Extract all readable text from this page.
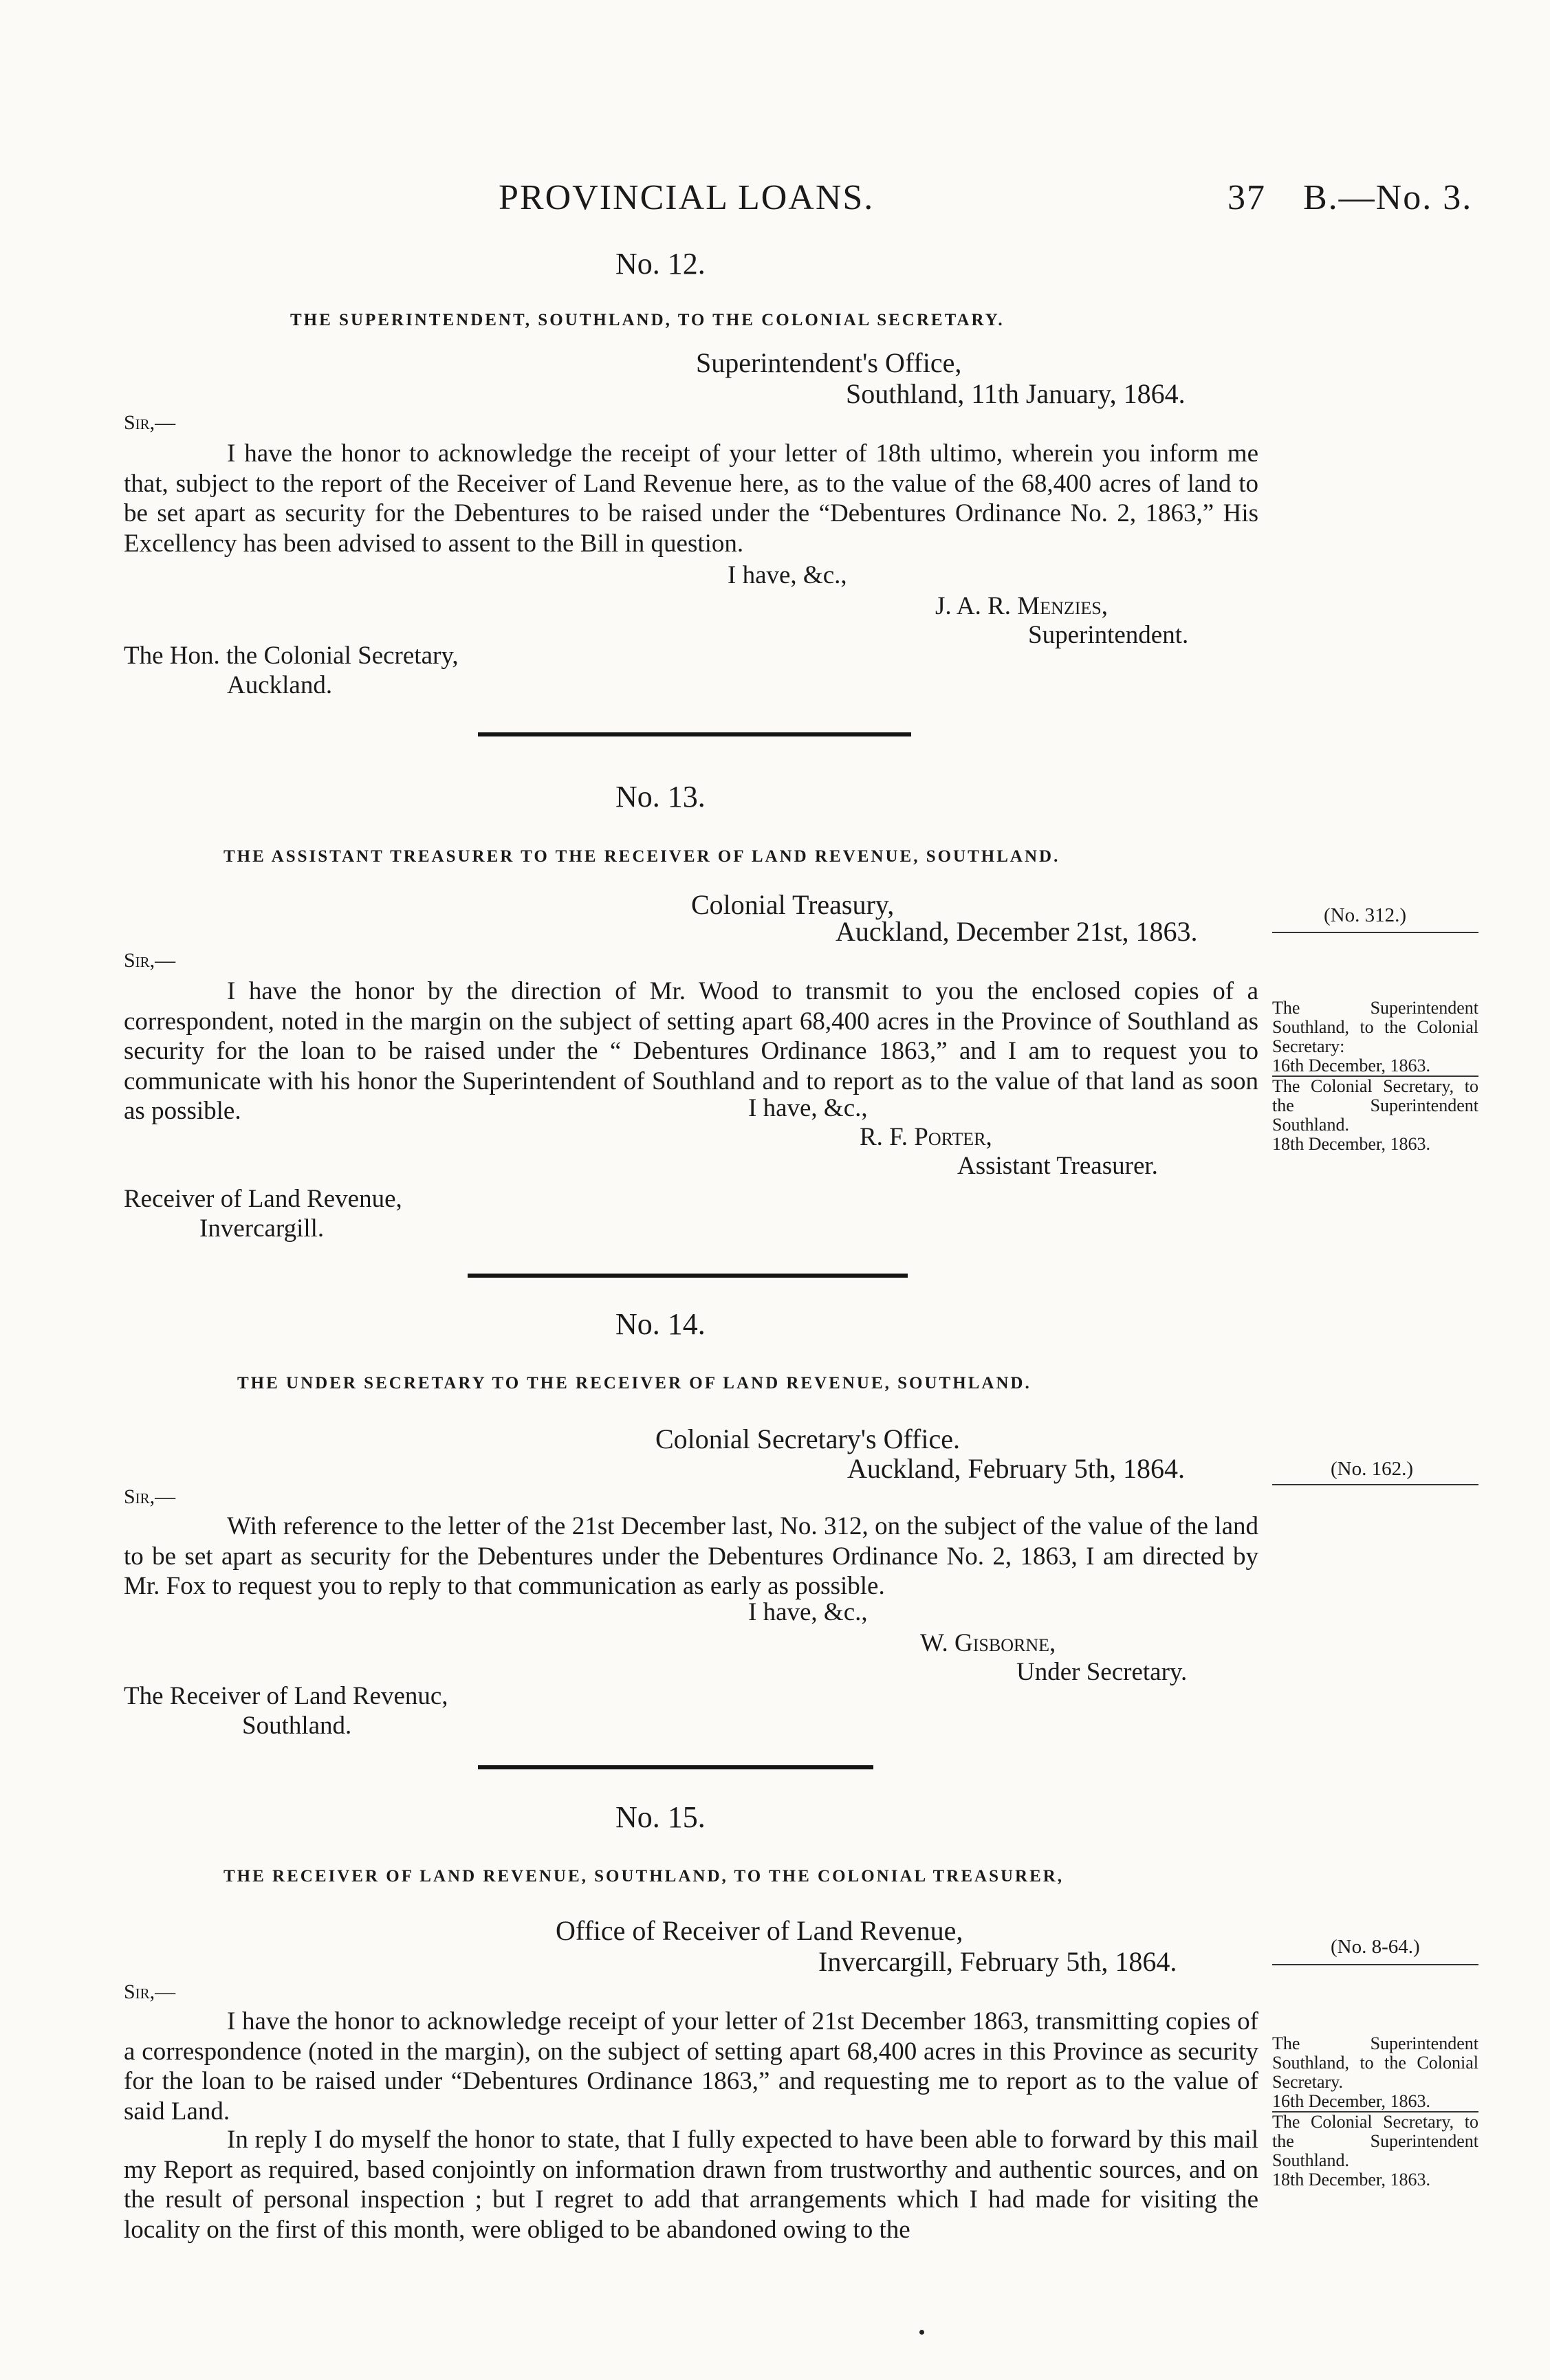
PROVINCIAL LOANS.	37 B.—No. 3.
No. 12.
THE SUPERINTENDENT, SOUTHLAND, TO THE COLONIAL SECRETARY.
Superintendent's Office,
Southland, 11th January, 1864.
Sir,—
I have the honor to acknowledge the receipt of your letter of 18th ultimo, wherein you inform me that, subject to the report of the Receiver of Land Revenue here, as to the value of the 68,400 acres of land to be set apart as security for the Debentures to be raised under the “Debentures Ordinance No. 2, 1863,” His Excellency has been advised to assent to the Bill in question.
I have, &c.,
J. A. R. Menzies,
Superintendent.
The Hon. the Colonial Secretary,
Auckland.
No. 13.
THE ASSISTANT TREASURER TO THE RECEIVER OF LAND REVENUE, SOUTHLAND.
Colonial Treasury,
Auckland, December 21st, 1863.
(No. 312.)
Sir,—
I have the honor by the direction of Mr. Wood to transmit to you the enclosed copies of a correspondent, noted in the margin on the subject of setting apart 68,400 acres in the Province of Southland as security for the loan to be raised under the “ Debentures Ordinance 1863,” and I am to request you to communicate with his honor the Superintendent of Southland and to report as to the value of that land as soon as possible.	I have, &c.,
R. F. Porter,
Assistant Treasurer.
Receiver of Land Revenue,
Invercargill.
The Superintendent Southland, to the Colonial Secretary:
16th December, 1863.
The Colonial Secretary, to the Superintendent Southland.
18th December, 1863.
No. 14.
THE UNDER SECRETARY TO THE RECEIVER OF LAND REVENUE, SOUTHLAND.
Colonial Secretary's Office.
Auckland, February 5th, 1864.	(No. 162.)
Sir,—
With reference to the letter of the 21st December last, No. 312, on the subject of the value of the land to be set apart as security for the Debentures under the Debentures Ordinance No. 2, 1863, I am directed by Mr. Fox to request you to reply to that communication as early as possible.
I have, &c.,
W. Gisborne,
Under Secretary.
The Receiver of Land Revenuc,
Southland.
No. 15.
THE RECEIVER OF LAND REVENUE, SOUTHLAND, TO THE COLONIAL TREASURER,
Office of Receiver of Land Revenue,
Invercargill, February 5th, 1864.	(No. 8-64.)
Sir,—
I have the honor to acknowledge receipt of your letter of 21st December 1863, transmitting copies of a correspondence (noted in the margin), on the subject of setting apart 68,400 acres in this Province as security for the loan to be raised under “Debentures Ordinance 1863,” and requesting me to report as to the value of said Land.
In reply I do myself the honor to state, that I fully expected to have been able to forward by this mail my Report as required, based conjointly on information drawn from trustworthy and authentic sources, and on the result of personal inspection ; but I regret to add that arrangements which I had made for visiting the locality on the first of this month, were obliged to be abandoned owing to the
The Superintendent Southland, to the Colonial Secretary.
16th December, 1863.
The Colonial Secretary, to the Superintendent Southland.
18th December, 1863.
